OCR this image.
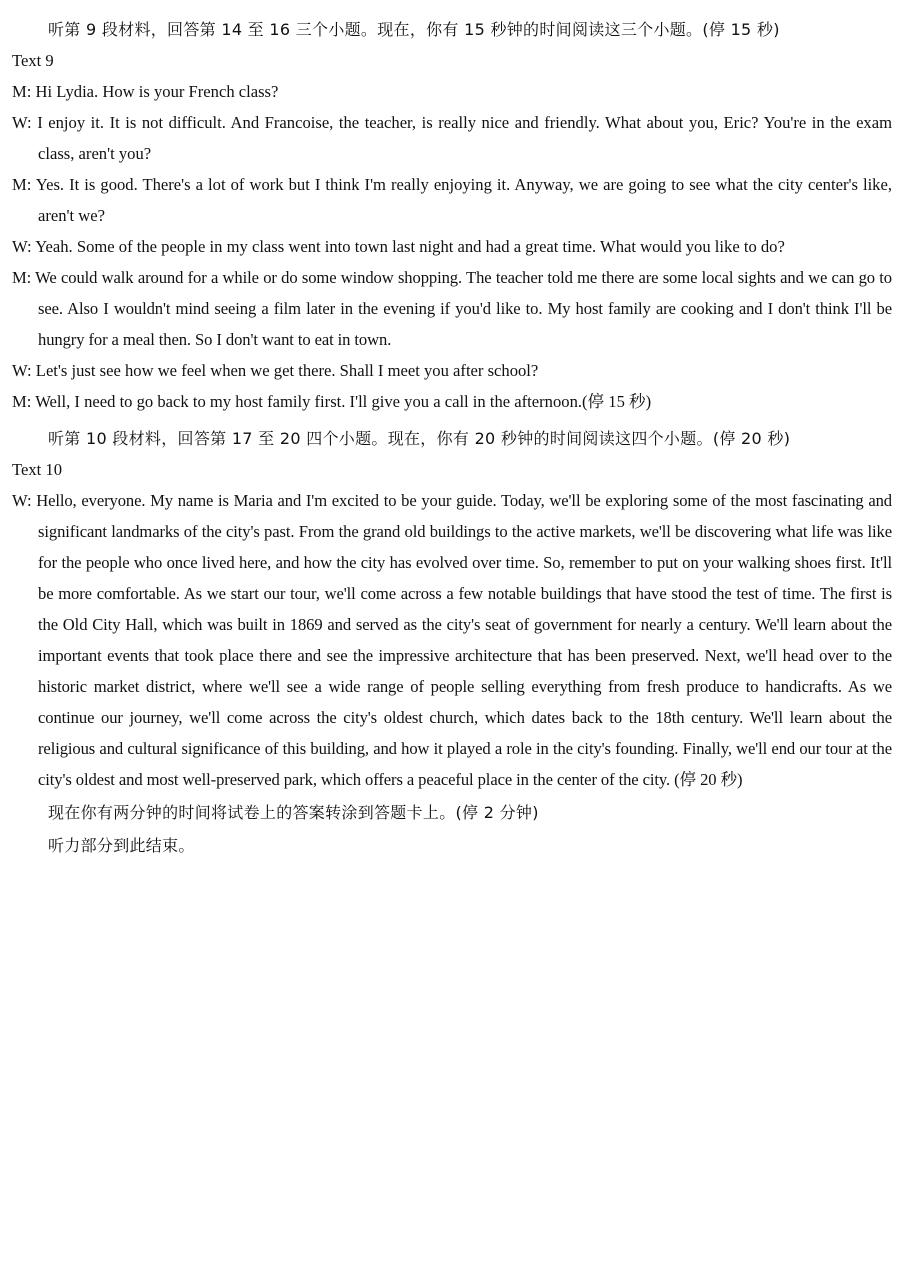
听第 9 段材料，回答第 14 至 16 三个小题。现在，你有 15 秒钟的时间阅读这三个小题。(停 15 秒)

Text 9

M: Hi Lydia. How is your French class?

W: I enjoy it. It is not difficult. And Francoise, the teacher, is really nice and friendly. What about you, Eric? You're in the exam class, aren't you?

M: Yes. It is good. There's a lot of work but I think I'm really enjoying it. Anyway, we are going to see what the city center's like, aren't we?

W: Yeah. Some of the people in my class went into town last night and had a great time. What would you like to do?

M: We could walk around for a while or do some window shopping. The teacher told me there are some local sights and we can go to see. Also I wouldn't mind seeing a film later in the evening if you'd like to. My host family are cooking and I don't think I'll be hungry for a meal then. So I don't want to eat in town.

W: Let's just see how we feel when we get there. Shall I meet you after school?

M: Well, I need to go back to my host family first. I'll give you a call in the afternoon.(停 15 秒)

听第 10 段材料，回答第 17 至 20 四个小题。现在，你有 20 秒钟的时间阅读这四个小题。(停 20 秒)

Text 10

W: Hello, everyone. My name is Maria and I'm excited to be your guide. Today, we'll be exploring some of the most fascinating and significant landmarks of the city's past. From the grand old buildings to the active markets, we'll be discovering what life was like for the people who once lived here, and how the city has evolved over time. So, remember to put on your walking shoes first. It'll be more comfortable. As we start our tour, we'll come across a few notable buildings that have stood the test of time. The first is the Old City Hall, which was built in 1869 and served as the city's seat of government for nearly a century. We'll learn about the important events that took place there and see the impressive architecture that has been preserved. Next, we'll head over to the historic market district, where we'll see a wide range of people selling everything from fresh produce to handicrafts. As we continue our journey, we'll come across the city's oldest church, which dates back to the 18th century. We'll learn about the religious and cultural significance of this building, and how it played a role in the city's founding. Finally, we'll end our tour at the city's oldest and most well-preserved park, which offers a peaceful place in the center of the city. (停 20 秒)

现在你有两分钟的时间将试卷上的答案转涂到答题卡上。(停 2 分钟)

听力部分到此结束。
